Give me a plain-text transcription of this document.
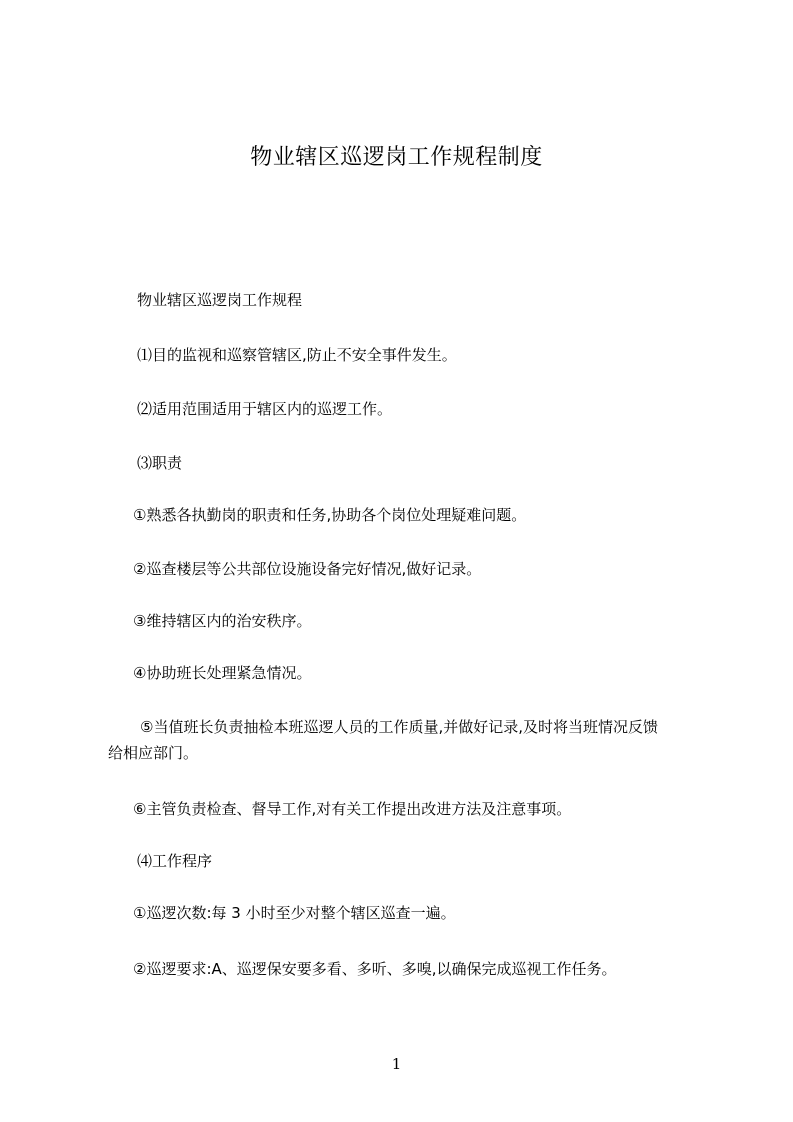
物业辖区巡逻岗工作规程制度
物业辖区巡逻岗工作规程
⑴目的监视和巡察管辖区,防止不安全事件发生。
⑵适用范围适用于辖区内的巡逻工作。
⑶职责
①熟悉各执勤岗的职责和任务,协助各个岗位处理疑难问题。
②巡查楼层等公共部位设施设备完好情况,做好记录。
③维持辖区内的治安秩序。
④协助班长处理紧急情况。
⑤当值班长负责抽检本班巡逻人员的工作质量,并做好记录,及时将当班情况反馈
给相应部门。
⑥主管负责检查、督导工作,对有关工作提出改进方法及注意事项。
⑷工作程序
①巡逻次数:每 3 小时至少对整个辖区巡查一遍。
②巡逻要求:A、巡逻保安要多看、多听、多嗅,以确保完成巡视工作任务。
1
